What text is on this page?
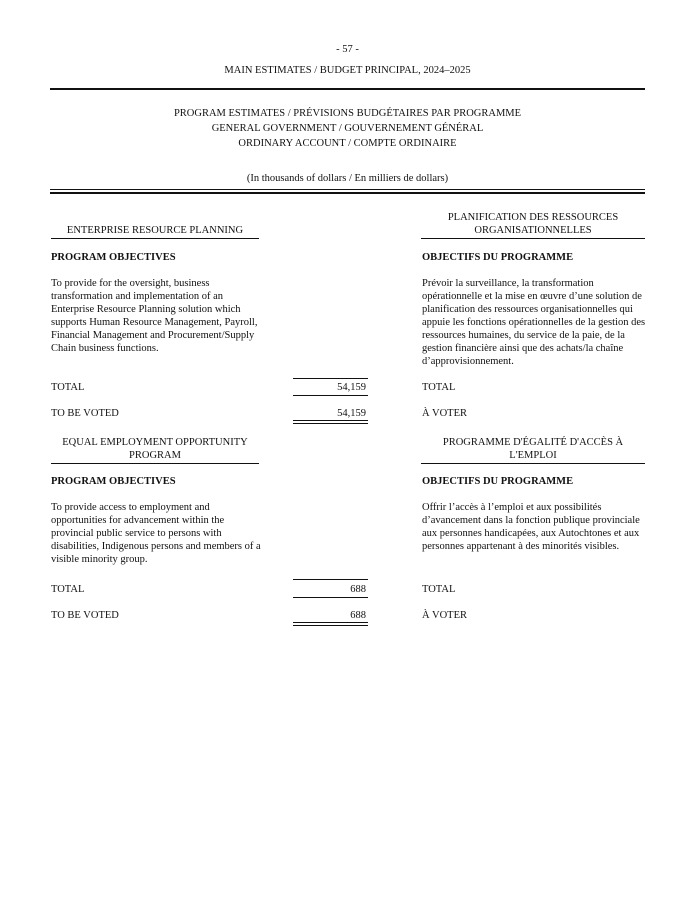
- 57 -
MAIN ESTIMATES / BUDGET PRINCIPAL, 2024–2025
PROGRAM ESTIMATES / PRÉVISIONS BUDGÉTAIRES PAR PROGRAMME
GENERAL GOVERNMENT / GOUVERNEMENT GÉNÉRAL
ORDINARY ACCOUNT / COMPTE ORDINAIRE
(In thousands of dollars / En milliers de dollars)
ENTERPRISE RESOURCE PLANNING
PLANIFICATION DES RESSOURCES
ORGANISATIONNELLES
PROGRAM OBJECTIVES	OBJECTIFS DU PROGRAMME
To provide for the oversight, business transformation and implementation of an Enterprise Resource Planning solution which supports Human Resource Management, Payroll, Financial Management and Procurement/Supply Chain business functions.
Prévoir la surveillance, la transformation opérationnelle et la mise en œuvre d’une solution de planification des ressources organisationnelles qui appuie les fonctions opérationnelles de la gestion des ressources humaines, du service de la paie, de la gestion financière ainsi que des achats/la chaîne d’approvisionnement.
TOTAL	54,159	TOTAL
TO BE VOTED	54,159	À VOTER
EQUAL EMPLOYMENT OPPORTUNITY
PROGRAM
PROGRAMME D'ÉGALITÉ D'ACCÈS À
L'EMPLOI
PROGRAM OBJECTIVES	OBJECTIFS DU PROGRAMME
To provide access to employment and opportunities for advancement within the provincial public service to persons with disabilities, Indigenous persons and members of a visible minority group.
Offrir l’accès à l’emploi et aux possibilités d’avancement dans la fonction publique provinciale aux personnes handicapées, aux Autochtones et aux personnes appartenant à des minorités visibles.
TOTAL	688	TOTAL
TO BE VOTED	688	À VOTER
